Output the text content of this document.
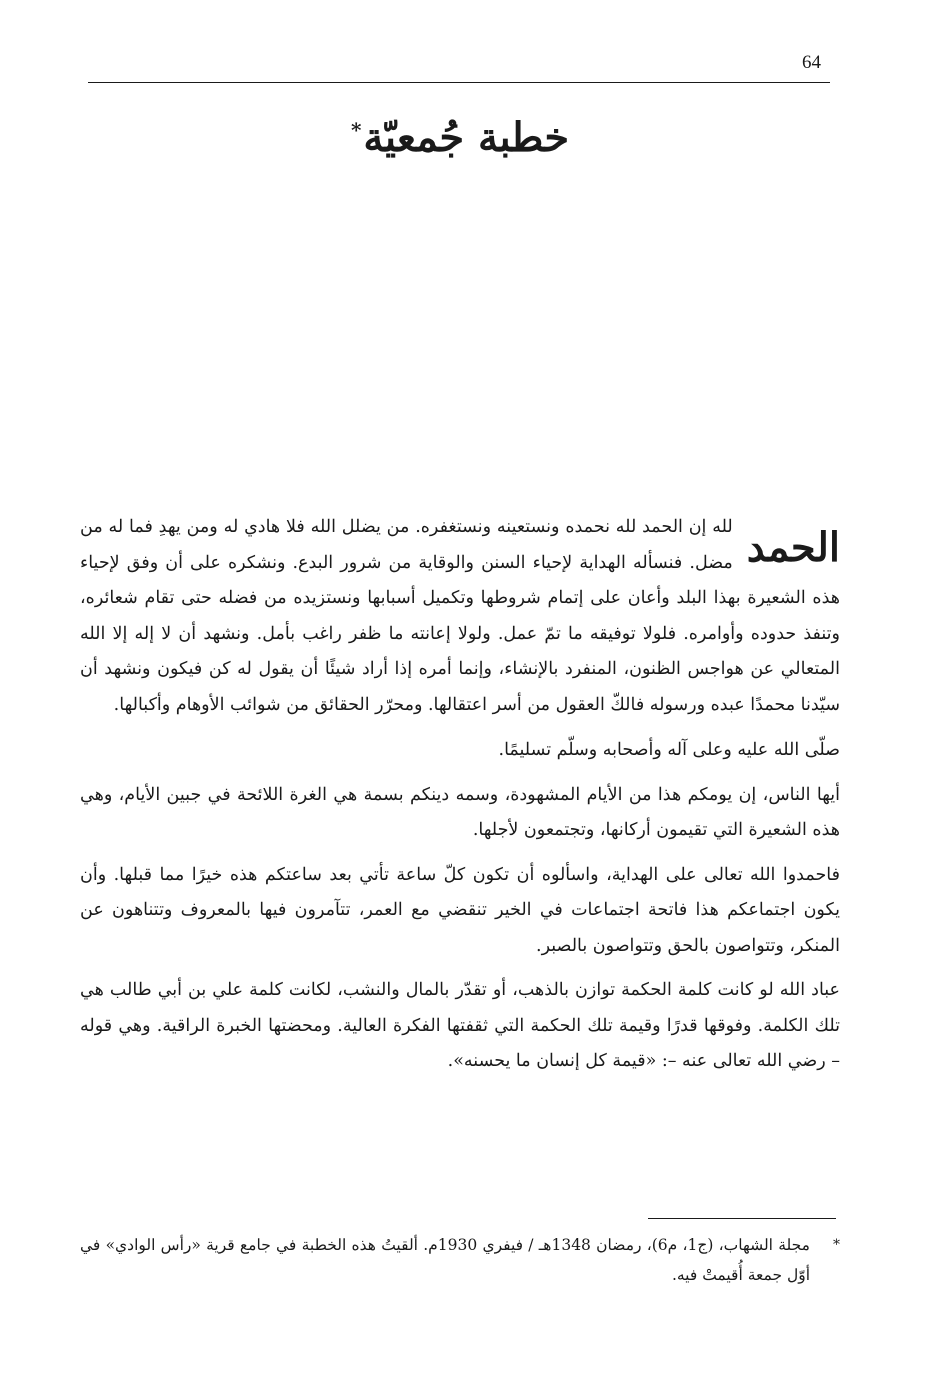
64
خطبة جُمعيّة*

الحمد
لله إن الحمد لله نحمده ونستعينه ونستغفره. من يضلل الله فلا هادي له ومن يهدِ فما له من مضل. فنسأله الهداية لإحياء السنن والوقاية من شرور البدع. ونشكره على أن وفق لإحياء هذه الشعيرة بهذا البلد وأعان على إتمام شروطها وتكميل أسبابها ونستزيده من فضله حتى تقام شعائره، وتنفذ حدوده وأوامره. فلولا توفيقه ما تمّ عمل. ولولا إعانته ما ظفر راغب بأمل. ونشهد أن لا إله إلا الله المتعالي عن هواجس الظنون، المنفرد بالإنشاء، وإنما أمره إذا أراد شيئًا أن يقول له كن فيكون ونشهد أن سيّدنا محمدًا عبده ورسوله فالكّ العقول من أسر اعتقالها. ومحرّر الحقائق من شوائب الأوهام وأكبالها.

صلّى الله عليه وعلى آله وأصحابه وسلّم تسليمًا.

أيها الناس، إن يومكم هذا من الأيام المشهودة، وسمه دينكم بسمة هي الغرة اللائحة في جبين الأيام، وهي هذه الشعيرة التي تقيمون أركانها، وتجتمعون لأجلها.

فاحمدوا الله تعالى على الهداية، واسألوه أن تكون كلّ ساعة تأتي بعد ساعتكم هذه خيرًا مما قبلها. وأن يكون اجتماعكم هذا فاتحة اجتماعات في الخير تنقضي مع العمر، تتآمرون فيها بالمعروف وتتناهون عن المنكر، وتتواصون بالحق وتتواصون بالصبر.

عباد الله لو كانت كلمة الحكمة توازن بالذهب، أو تقدّر بالمال والنشب، لكانت كلمة علي بن أبي طالب هي تلك الكلمة. وفوقها قدرًا وقيمة تلك الحكمة التي ثقفتها الفكرة العالية. ومحضتها الخبرة الراقية. وهي قوله – رضي الله تعالى عنه –: «قيمة كل إنسان ما يحسنه».

*
مجلة الشهاب، (ج1، م6)، رمضان 1348هـ / فيفري 1930م. ألقيتُ هذه الخطبة في جامع قرية «رأس الوادي» في أوّل جمعة أُقيمتْ فيه.
